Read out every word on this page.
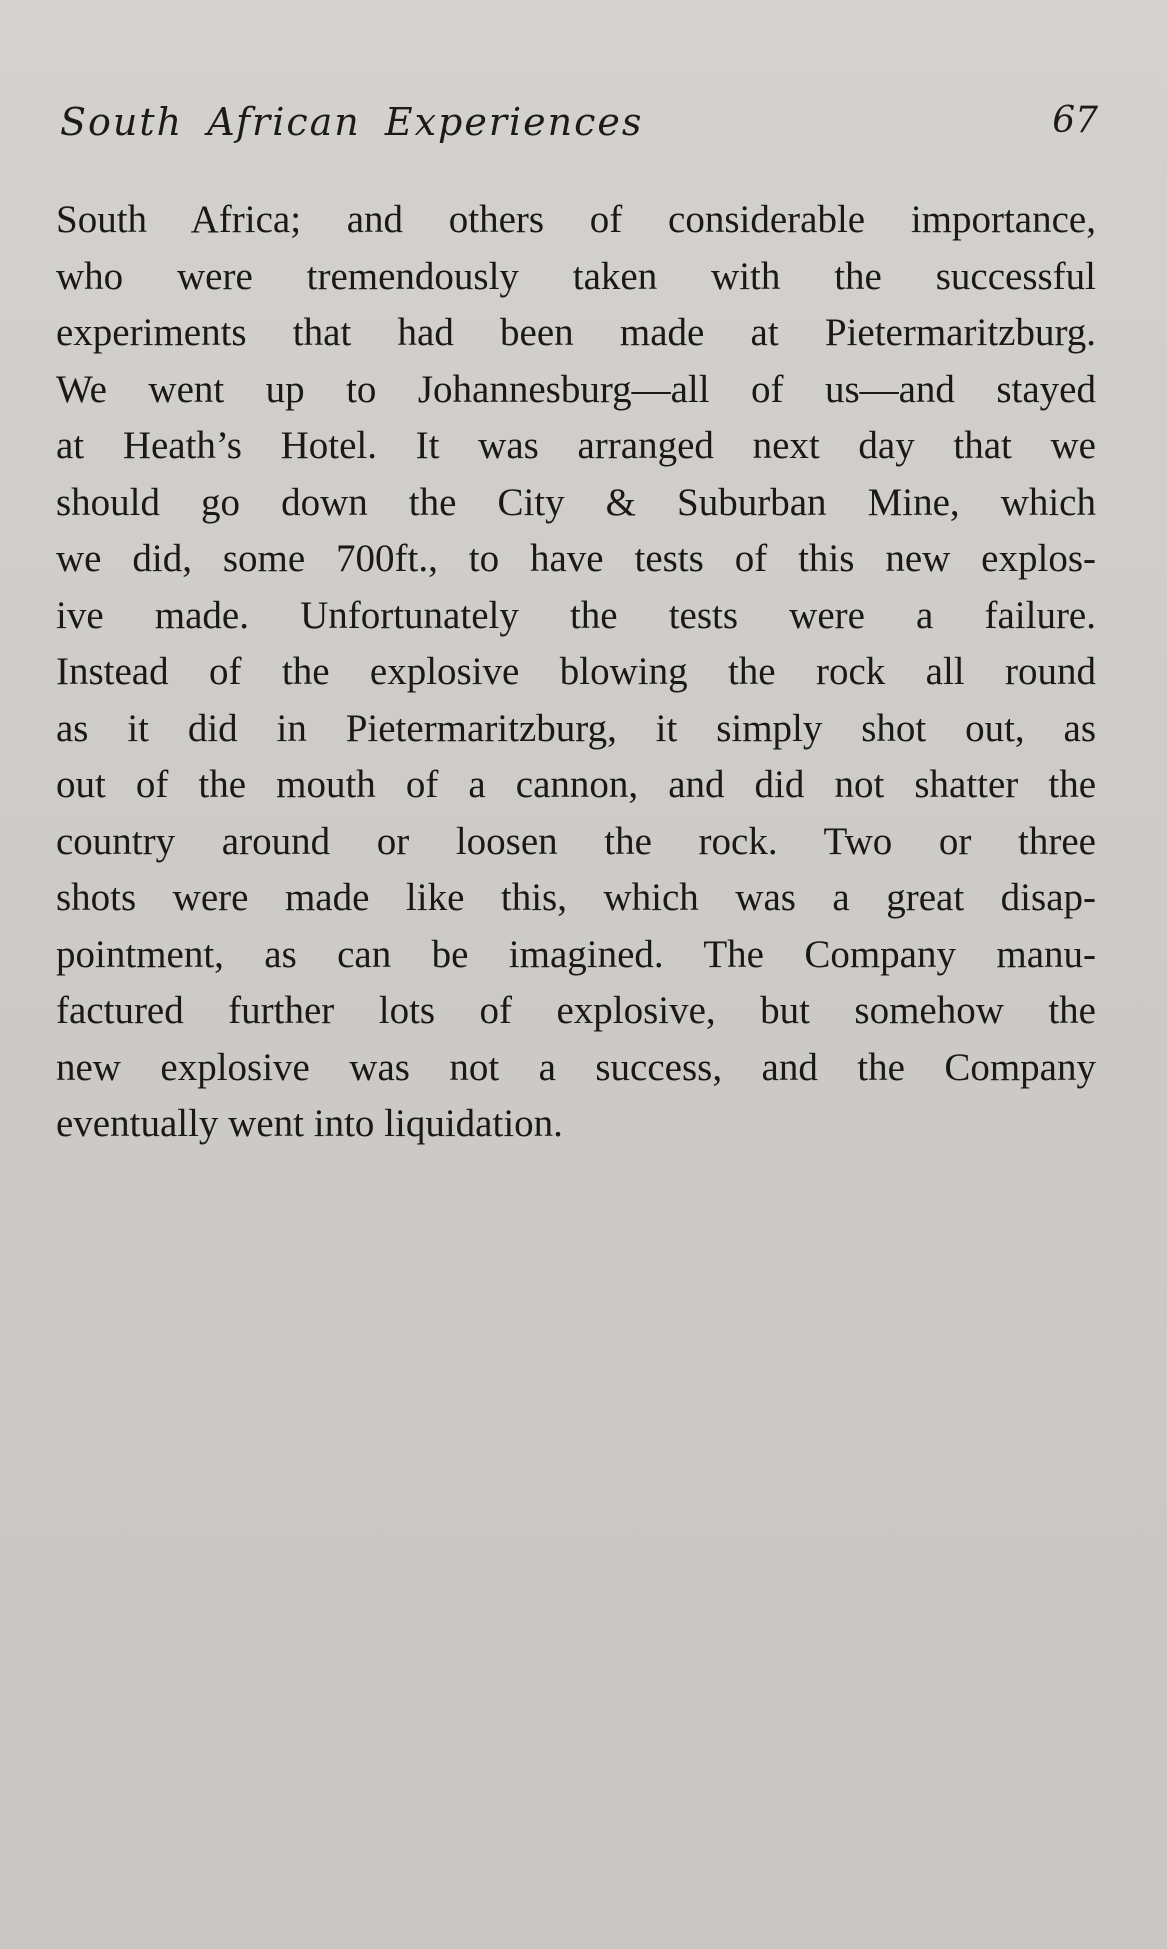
South African Experiences	67
South Africa; and others of considerable importance,
who were tremendously taken with the successful
experiments that had been made at Pietermaritzburg.
We went up to Johannesburg—all of us—and stayed
at Heath’s Hotel. It was arranged next day that we
should go down the City & Suburban Mine, which
we did, some 700ft., to have tests of this new explos-
ive made. Unfortunately the tests were a failure.
Instead of the explosive blowing the rock all round
as it did in Pietermaritzburg, it simply shot out, as
out of the mouth of a cannon, and did not shatter the
country around or loosen the rock. Two or three
shots were made like this, which was a great disap-
pointment, as can be imagined. The Company manu-
factured further lots of explosive, but somehow the
new explosive was not a success, and the Company
eventually went into liquidation.
